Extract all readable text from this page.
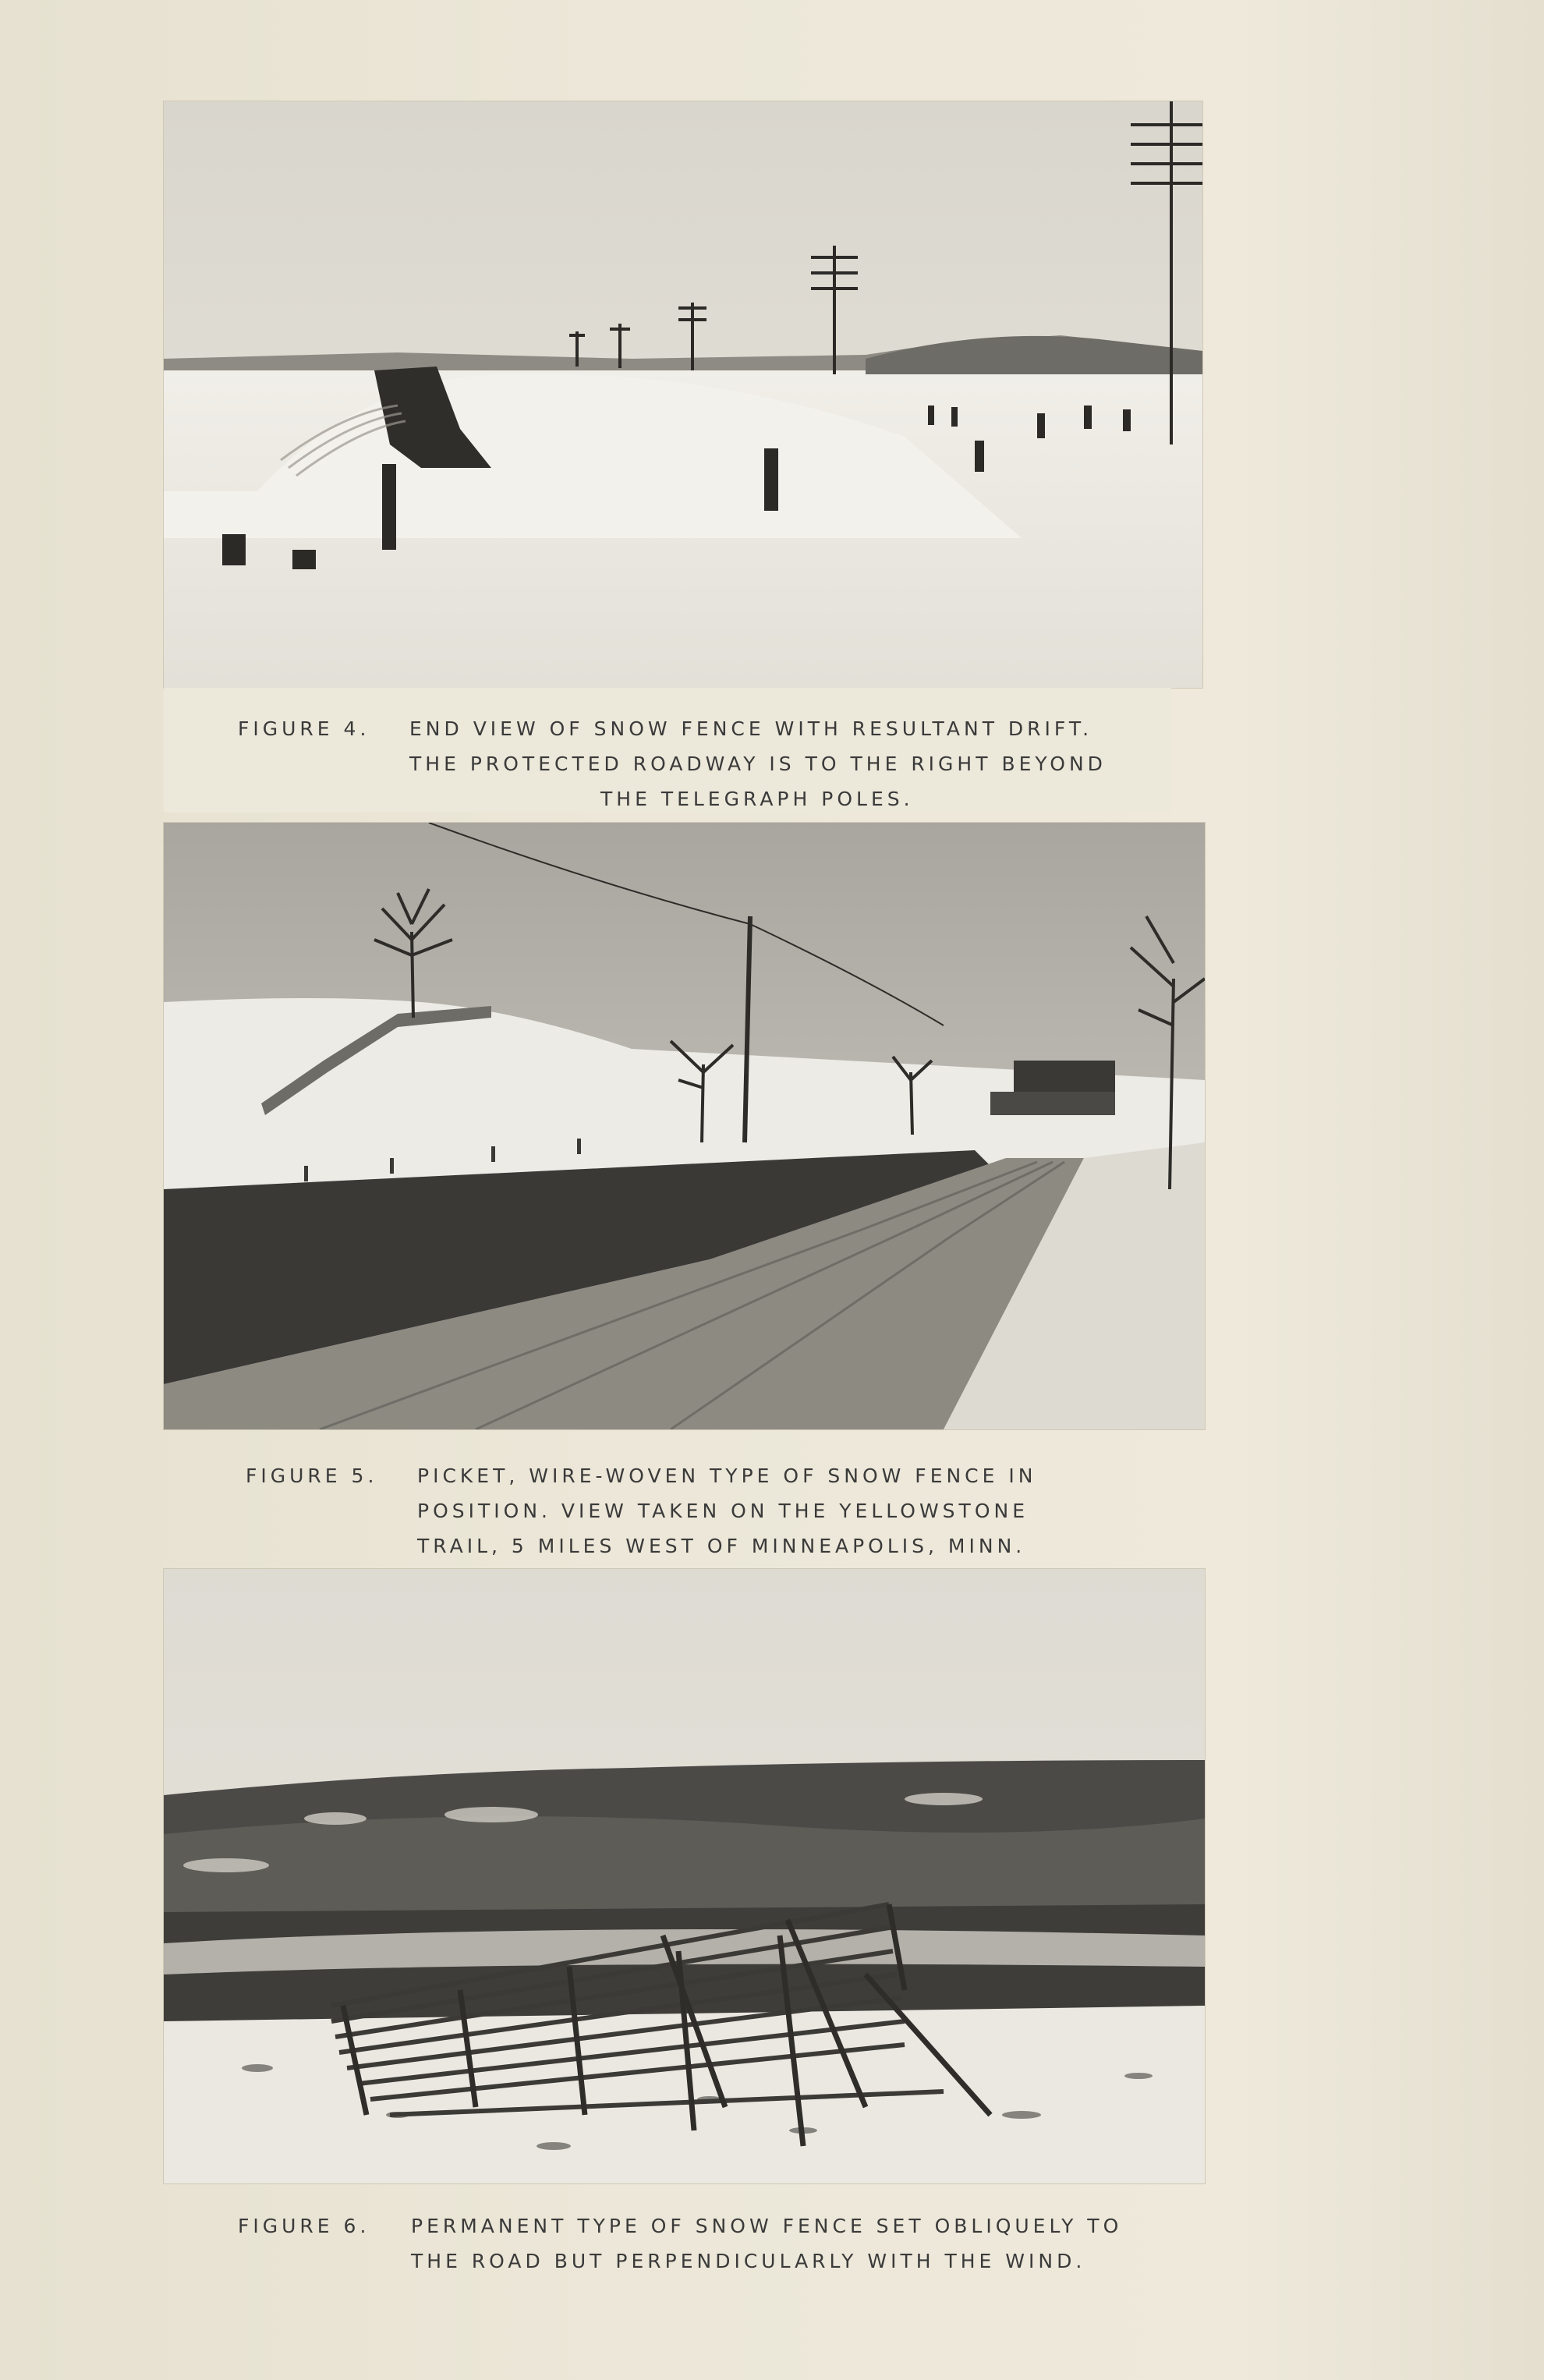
FIGURE 4. END VIEW OF SNOW FENCE WITH RESULTANT DRIFT.
THE PROTECTED ROADWAY IS TO THE RIGHT BEYOND
THE TELEGRAPH POLES.
FIGURE 5. PICKET, WIRE-WOVEN TYPE OF SNOW FENCE IN
POSITION. VIEW TAKEN ON THE YELLOWSTONE
TRAIL, 5 MILES WEST OF MINNEAPOLIS, MINN.
FIGURE 6. PERMANENT TYPE OF SNOW FENCE SET OBLIQUELY TO
THE ROAD BUT PERPENDICULARLY WITH THE WIND.
